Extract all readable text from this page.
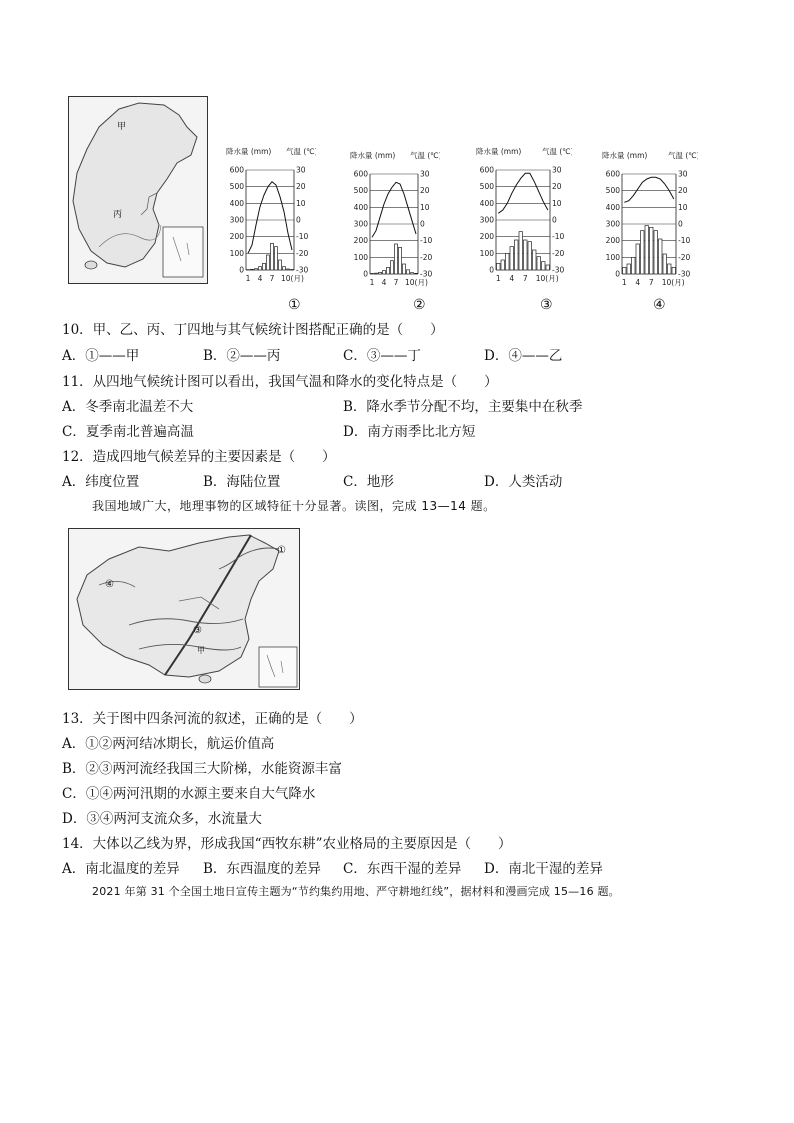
甲
丙
降水量 (mm) 气温 (℃)
600	30
500	20
400	10
300	0
200	-10
100	-20
0	-30
1 4 7 10(月)
降水量 (mm) 气温 (℃)
600	30
500	20
400	10
300	0
200	-10
100	-20
0	-30
1 4 7 10(月)
降水量 (mm)	气温 (℃)
600	30
500	20
400	10
300	0
200	-10
100	-20
0	-30
1 4 7 10(月)
降水量 (mm)	气温 (℃)
600	30
500	20
400	10
300	0
200	-10
100	-20
0	-30
1 4 7 10(月)
①	②	③	④
10．甲、乙、丙、丁四地与其气候统计图搭配正确的是（　　）
A．①——甲	B．②——丙	C．③——丁	D．④——乙
11．从四地气候统计图可以看出，我国气温和降水的变化特点是（　　）
A．冬季南北温差不大	B．降水季节分配不均，主要集中在秋季
C．夏季南北普遍高温	D．南方雨季比北方短
12．造成四地气候差异的主要因素是（　　）
A．纬度位置	B．海陆位置	C．地形	D．人类活动
我国地域广大，地理事物的区域特征十分显著。读图，完成 13—14 题。
①
④
③
甲
13．关于图中四条河流的叙述，正确的是（　　）
A．①②两河结冰期长，航运价值高
B．②③两河流经我国三大阶梯，水能资源丰富
C．①④两河汛期的水源主要来自大气降水
D．③④两河支流众多，水流量大
14．大体以乙线为界，形成我国“西牧东耕”农业格局的主要原因是（　　）
A．南北温度的差异 B．东西温度的差异 C．东西干湿的差异 D．南北干湿的差异
2021 年第 31 个全国土地日宣传主题为“节约集约用地、严守耕地红线”，据材料和漫画完成 15—16 题。
